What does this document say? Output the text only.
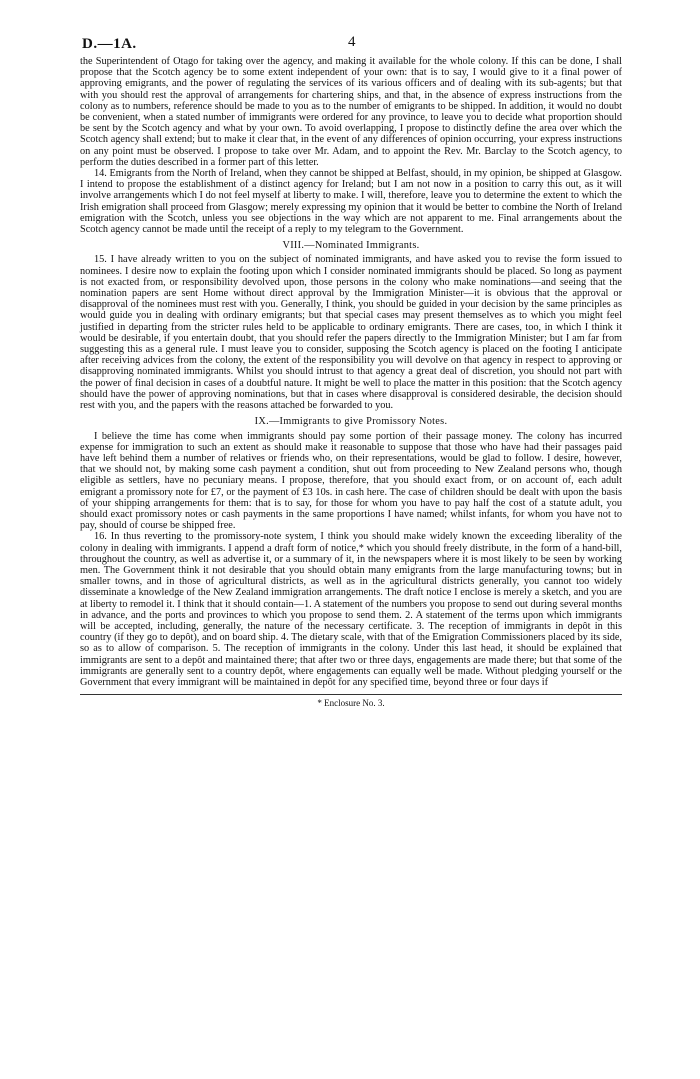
D.—1A.	4

the Superintendent of Otago for taking over the agency, and making it available for the whole colony. If this can be done, I shall propose that the Scotch agency be to some extent independent of your own: that is to say, I would give to it a final power of approving emigrants, and the power of regulating the services of its various officers and of dealing with its sub-agents; but that with you should rest the approval of arrangements for chartering ships, and that, in the absence of express instructions from the colony as to numbers, reference should be made to you as to the number of emigrants to be shipped. In addition, it would no doubt be convenient, when a stated number of immigrants were ordered for any province, to leave you to decide what proportion should be sent by the Scotch agency and what by your own. To avoid overlapping, I propose to distinctly define the area over which the Scotch agency shall extend; but to make it clear that, in the event of any differences of opinion occurring, your express instructions on any point must be observed. I propose to take over Mr. Adam, and to appoint the Rev. Mr. Barclay to the Scotch agency, to perform the duties described in a former part of this letter.

14. Emigrants from the North of Ireland, when they cannot be shipped at Belfast, should, in my opinion, be shipped at Glasgow. I intend to propose the establishment of a distinct agency for Ireland; but I am not now in a position to carry this out, as it will involve arrangements which I do not feel myself at liberty to make. I will, therefore, leave you to determine the extent to which the Irish emigration shall proceed from Glasgow; merely expressing my opinion that it would be better to combine the North of Ireland emigration with the Scotch, unless you see objections in the way which are not apparent to me. Final arrangements about the Scotch agency cannot be made until the receipt of a reply to my telegram to the Government.

VIII.—Nominated Immigrants.

15. I have already written to you on the subject of nominated immigrants, and have asked you to revise the form issued to nominees. I desire now to explain the footing upon which I consider nominated immigrants should be placed. So long as payment is not exacted from, or responsibility devolved upon, those persons in the colony who make nominations—and seeing that the nomination papers are sent Home without direct approval by the Immigration Minister—it is obvious that the approval or disapproval of the nominees must rest with you. Generally, I think, you should be guided in your decision by the same principles as would guide you in dealing with ordinary emigrants; but that special cases may present themselves as to which you might feel justified in departing from the stricter rules held to be applicable to ordinary emigrants. There are cases, too, in which I think it would be desirable, if you entertain doubt, that you should refer the papers directly to the Immigration Minister; but I am far from suggesting this as a general rule. I must leave you to consider, supposing the Scotch agency is placed on the footing I anticipate after receiving advices from the colony, the extent of the responsibility you will devolve on that agency in respect to approving or disapproving nominated immigrants. Whilst you should intrust to that agency a great deal of discretion, you should not part with the power of final decision in cases of a doubtful nature. It might be well to place the matter in this position: that the Scotch agency should have the power of approving nominations, but that in cases where disapproval is considered desirable, the decision should rest with you, and the papers with the reasons attached be forwarded to you.

IX.—Immigrants to give Promissory Notes.

I believe the time has come when immigrants should pay some portion of their passage money. The colony has incurred expense for immigration to such an extent as should make it reasonable to suppose that those who have had their passages paid have left behind them a number of relatives or friends who, on their representations, would be glad to follow. I desire, however, that we should not, by making some cash payment a condition, shut out from proceeding to New Zealand persons who, though eligible as settlers, have no pecuniary means. I propose, therefore, that you should exact from, or on account of, each adult emigrant a promissory note for £7, or the payment of £3 10s. in cash here. The case of children should be dealt with upon the basis of your shipping arrangements for them: that is to say, for those for whom you have to pay half the cost of a statute adult, you should exact promissory notes or cash payments in the same proportions I have named; whilst infants, for whom you have not to pay, should of course be shipped free.

16. In thus reverting to the promissory-note system, I think you should make widely known the exceeding liberality of the colony in dealing with immigrants. I append a draft form of notice,* which you should freely distribute, in the form of a hand-bill, throughout the country, as well as advertise it, or a summary of it, in the newspapers where it is most likely to be seen by working men. The Government think it not desirable that you should obtain many emigrants from the large manufacturing towns; but in smaller towns, and in those of agricultural districts, as well as in the agricultural districts generally, you cannot too widely disseminate a knowledge of the New Zealand immigration arrangements. The draft notice I enclose is merely a sketch, and you are at liberty to remodel it. I think that it should contain—1. A statement of the numbers you propose to send out during several months in advance, and the ports and provinces to which you propose to send them. 2. A statement of the terms upon which immigrants will be accepted, including, generally, the nature of the necessary certificate. 3. The reception of immigrants in depôt in this country (if they go to depôt), and on board ship. 4. The dietary scale, with that of the Emigration Commissioners placed by its side, so as to allow of comparison. 5. The reception of immigrants in the colony. Under this last head, it should be explained that immigrants are sent to a depôt and maintained there; that after two or three days, engagements are made there; but that some of the immigrants are generally sent to a country depôt, where engagements can equally well be made. Without pledging yourself or the Government that every immigrant will be maintained in depôt for any specified time, beyond three or four days if

* Enclosure No. 3.
